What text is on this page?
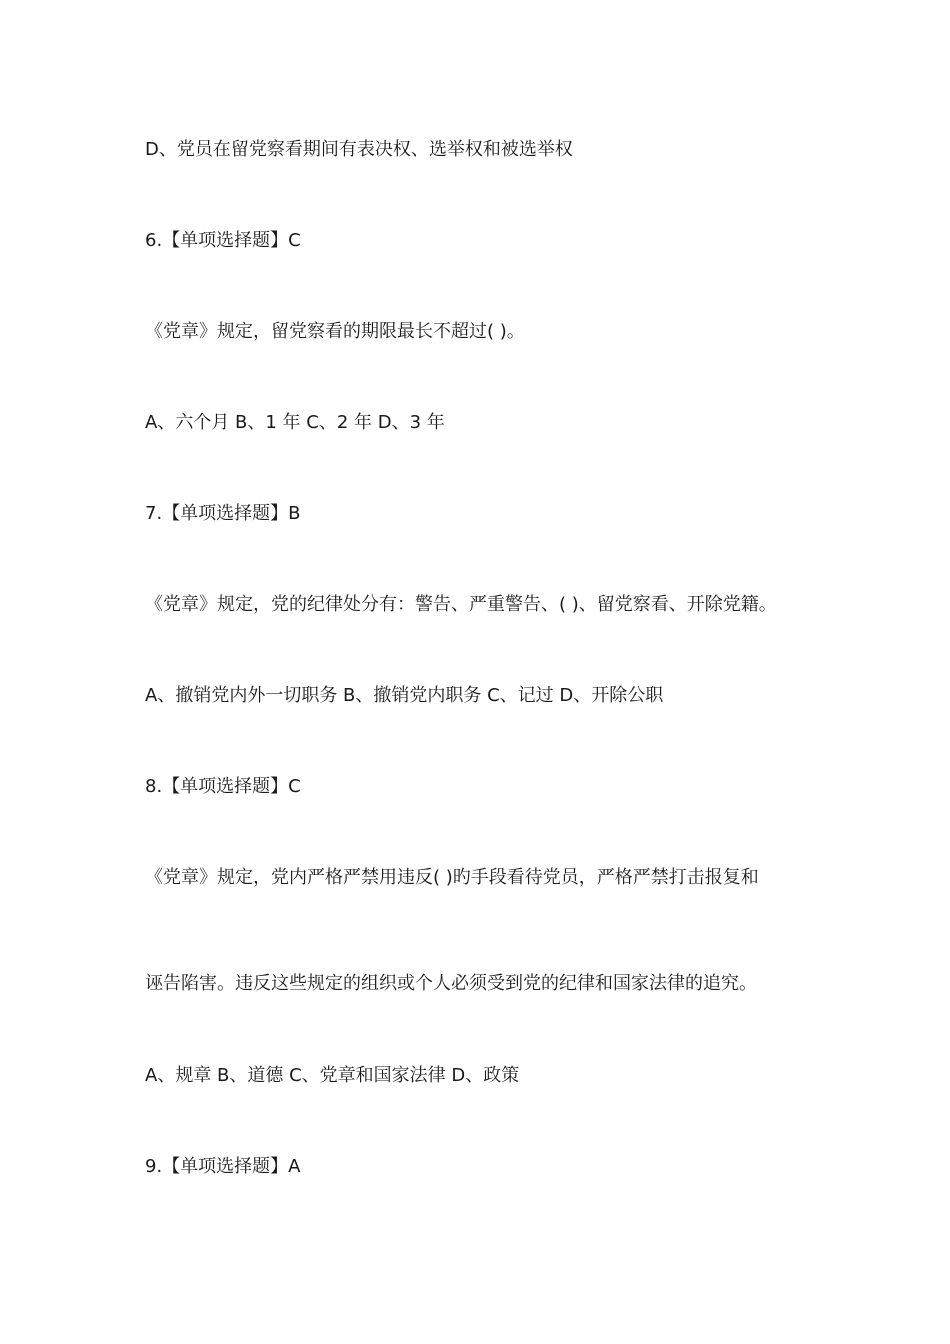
D、党员在留党察看期间有表决权、选举权和被选举权
6.【单项选择题】C
《党章》规定，留党察看的期限最长不超过( )。
A、六个月 B、1 年 C、2 年 D、3 年
7.【单项选择题】B
《党章》规定，党的纪律处分有：警告、严重警告、( )、留党察看、开除党籍。
A、撤销党内外一切职务 B、撤销党内职务 C、记过 D、开除公职
8.【单项选择题】C
《党章》规定，党内严格严禁用违反( )旳手段看待党员，严格严禁打击报复和
诬告陷害。违反这些规定的组织或个人必须受到党的纪律和国家法律的追究。
A、规章 B、道德 C、党章和国家法律 D、政策
9.【单项选择题】A
